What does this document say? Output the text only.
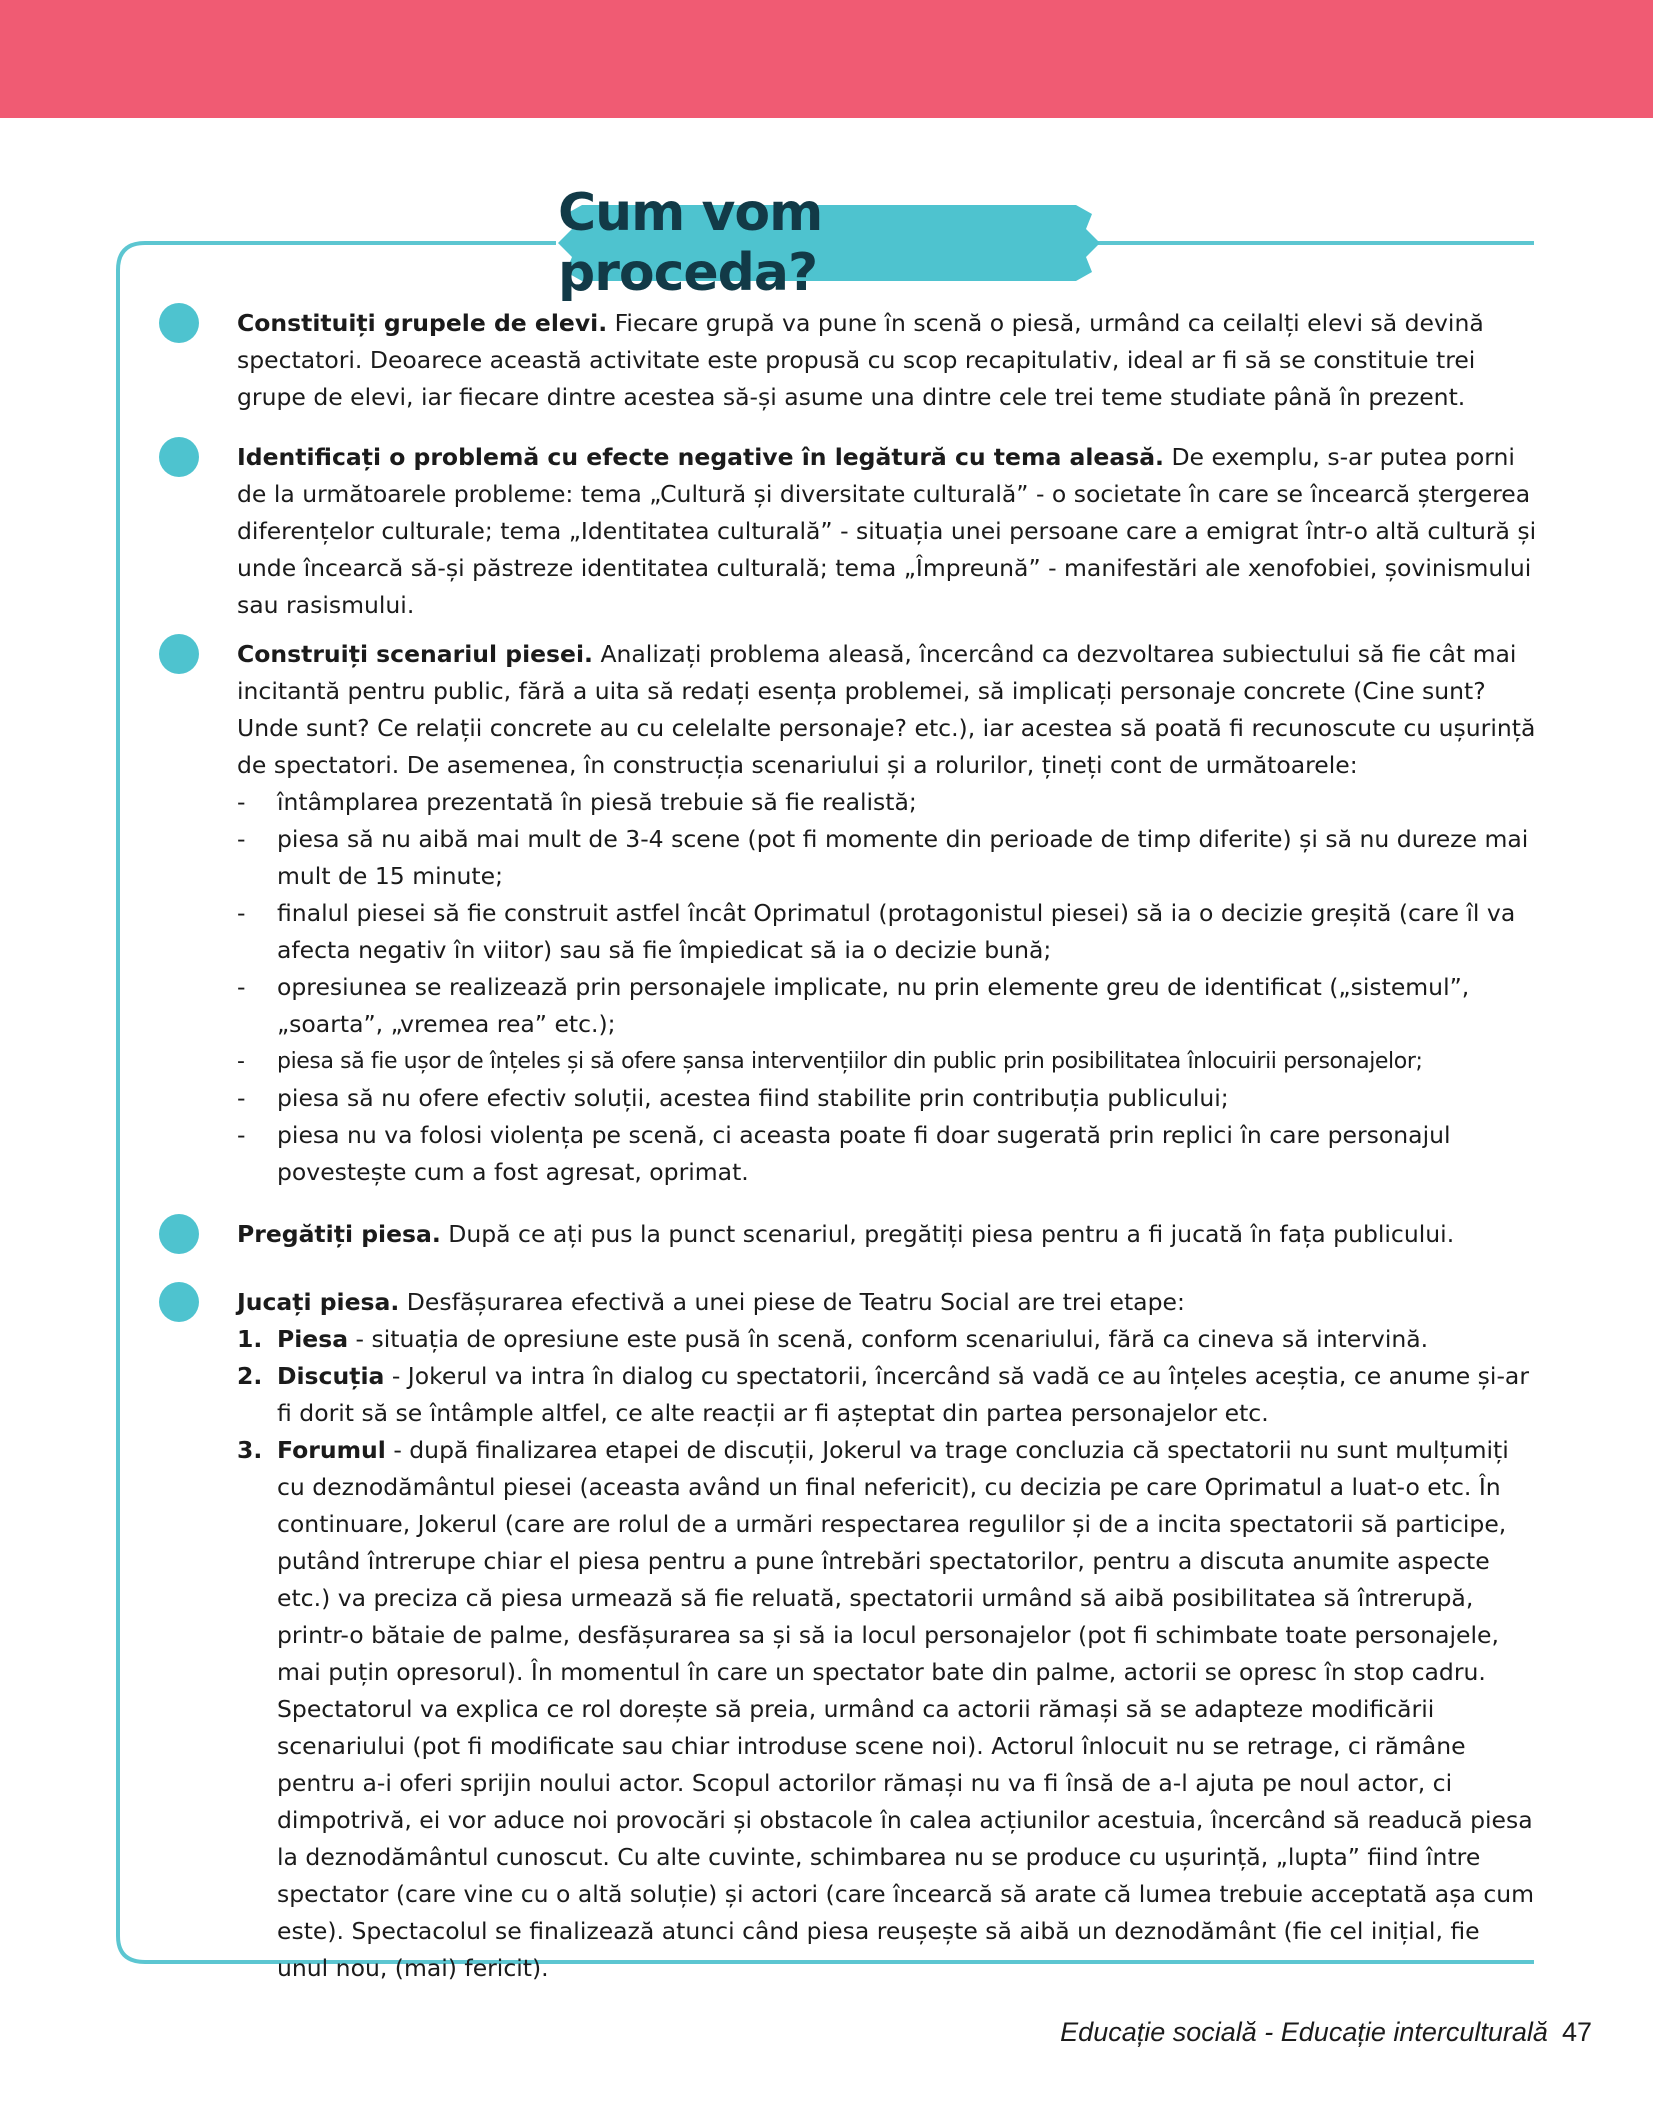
Cum vom proceda?

Constituiți grupele de elevi. Fiecare grupă va pune în scenă o piesă, urmând ca ceilalți elevi să devină spectatori. Deoarece această activitate este propusă cu scop recapitulativ, ideal ar fi să se constituie trei grupe de elevi, iar fiecare dintre acestea să-și asume una dintre cele trei teme studiate până în prezent.

Identificați o problemă cu efecte negative în legătură cu tema aleasă. De exemplu, s-ar putea porni de la următoarele probleme: tema „Cultură și diversitate culturală” - o societate în care se încearcă ștergerea diferențelor culturale; tema „Identitatea culturală” - situația unei persoane care a emigrat într-o altă cultură și unde încearcă să-și păstreze identitatea culturală; tema „Împreună” - manifestări ale xenofobiei, șovinismului sau rasismului.

Construiți scenariul piesei. Analizați problema aleasă, încercând ca dezvoltarea subiectului să fie cât mai incitantă pentru public, fără a uita să redați esența problemei, să implicați personaje concrete (Cine sunt? Unde sunt? Ce relații concrete au cu celelalte personaje? etc.), iar acestea să poată fi recunoscute cu ușurință de spectatori. De asemenea, în construcția scenariului și a rolurilor, țineți cont de următoarele:

- întâmplarea prezentată în piesă trebuie să fie realistă;
- piesa să nu aibă mai mult de 3-4 scene (pot fi momente din perioade de timp diferite) și să nu dureze mai mult de 15 minute;
- finalul piesei să fie construit astfel încât Oprimatul (protagonistul piesei) să ia o decizie greșită (care îl va afecta negativ în viitor) sau să fie împiedicat să ia o decizie bună;
- opresiunea se realizează prin personajele implicate, nu prin elemente greu de identificat („sistemul”, „soarta”, „vremea rea” etc.);
- piesa să fie ușor de înțeles și să ofere șansa intervențiilor din public prin posibilitatea înlocuirii personajelor;
- piesa să nu ofere efectiv soluții, acestea fiind stabilite prin contribuția publicului;
- piesa nu va folosi violența pe scenă, ci aceasta poate fi doar sugerată prin replici în care personajul povestește cum a fost agresat, oprimat.

Pregătiți piesa. După ce ați pus la punct scenariul, pregătiți piesa pentru a fi jucată în fața publicului.

Jucați piesa. Desfășurarea efectivă a unei piese de Teatru Social are trei etape:

1. Piesa - situația de opresiune este pusă în scenă, conform scenariului, fără ca cineva să intervină.
2. Discuția - Jokerul va intra în dialog cu spectatorii, încercând să vadă ce au înțeles aceștia, ce anume și-ar fi dorit să se întâmple altfel, ce alte reacții ar fi așteptat din partea personajelor etc.
3. Forumul - după finalizarea etapei de discuții, Jokerul va trage concluzia că spectatorii nu sunt mulțumiți cu deznodământul piesei (aceasta având un final nefericit), cu decizia pe care Oprimatul a luat-o etc. În continuare, Jokerul (care are rolul de a urmări respectarea regulilor și de a incita spectatorii să participe, putând întrerupe chiar el piesa pentru a pune întrebări spectatorilor, pentru a discuta anumite aspecte etc.) va preciza că piesa urmează să fie reluată, spectatorii urmând să aibă posibilitatea să întrerupă, printr-o bătaie de palme, desfășurarea sa și să ia locul personajelor (pot fi schimbate toate personajele, mai puțin opresorul). În momentul în care un spectator bate din palme, actorii se opresc în stop cadru. Spectatorul va explica ce rol dorește să preia, urmând ca actorii rămași să se adapteze modificării scenariului (pot fi modificate sau chiar introduse scene noi). Actorul înlocuit nu se retrage, ci rămâne pentru a-i oferi sprijin noului actor. Scopul actorilor rămași nu va fi însă de a-l ajuta pe noul actor, ci dimpotrivă, ei vor aduce noi provocări și obstacole în calea acțiunilor acestuia, încercând să readucă piesa la deznodământul cunoscut. Cu alte cuvinte, schimbarea nu se produce cu ușurință, „lupta” fiind între spectator (care vine cu o altă soluție) și actori (care încearcă să arate că lumea trebuie acceptată așa cum este). Spectacolul se finalizează atunci când piesa reușește să aibă un deznodământ (fie cel inițial, fie unul nou, (mai) fericit).
Educație socială - Educație interculturală 47
